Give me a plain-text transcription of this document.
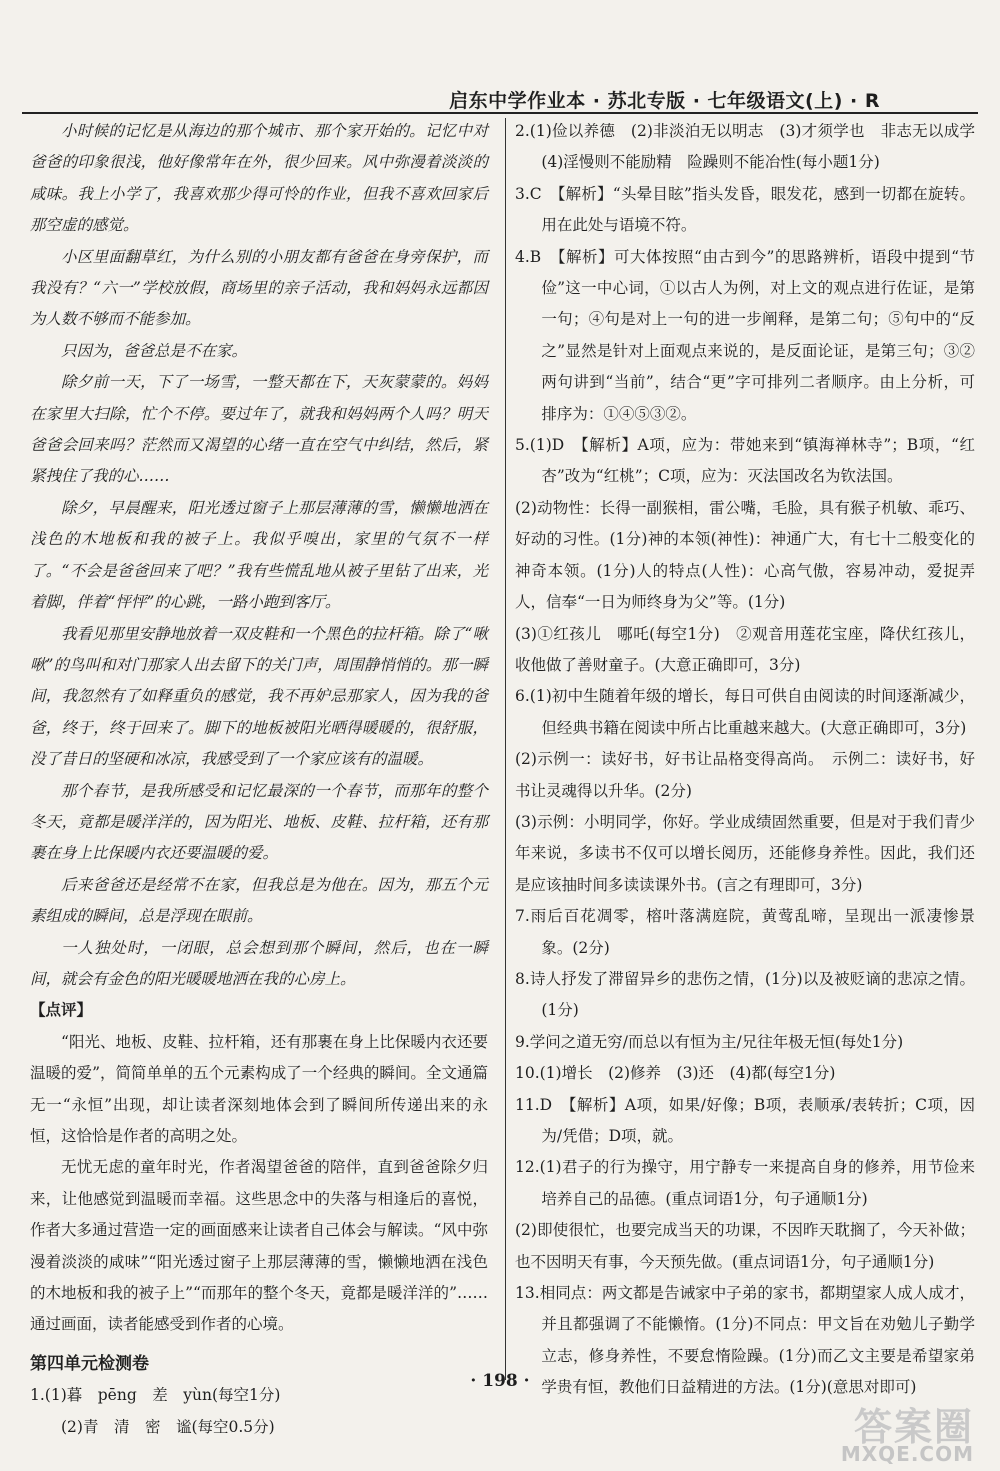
启东中学作业本 · 苏北专版 · 七年级语文(上) · R

小时候的记忆是从海边的那个城市、那个家开始的。记忆中对爸爸的印象很浅，他好像常年在外，很少回来。风中弥漫着淡淡的咸味。我上小学了，我喜欢那少得可怜的作业，但我不喜欢回家后那空虚的感觉。

小区里面翻草红，为什么别的小朋友都有爸爸在身旁保护，而我没有？“六一”学校放假，商场里的亲子活动，我和妈妈永远都因为人数不够而不能参加。

只因为，爸爸总是不在家。

除夕前一天，下了一场雪，一整天都在下，天灰蒙蒙的。妈妈在家里大扫除，忙个不停。要过年了，就我和妈妈两个人吗？明天爸爸会回来吗？茫然而又渴望的心绪一直在空气中纠结，然后，紧紧拽住了我的心……

除夕，早晨醒来，阳光透过窗子上那层薄薄的雪，懒懒地洒在浅色的木地板和我的被子上。我似乎嗅出，家里的气氛不一样了。“不会是爸爸回来了吧？”我有些慌乱地从被子里钻了出来，光着脚，伴着“怦怦”的心跳，一路小跑到客厅。

我看见那里安静地放着一双皮鞋和一个黑色的拉杆箱。除了“啾啾”的鸟叫和对门那家人出去留下的关门声，周围静悄悄的。那一瞬间，我忽然有了如释重负的感觉，我不再妒忌那家人，因为我的爸爸，终于，终于回来了。脚下的地板被阳光晒得暖暖的，很舒服，没了昔日的坚硬和冰凉，我感受到了一个家应该有的温暖。

那个春节，是我所感受和记忆最深的一个春节，而那年的整个冬天，竟都是暖洋洋的，因为阳光、地板、皮鞋、拉杆箱，还有那裹在身上比保暖内衣还要温暖的爱。

后来爸爸还是经常不在家，但我总是为他在。因为，那五个元素组成的瞬间，总是浮现在眼前。

一人独处时，一闭眼，总会想到那个瞬间，然后，也在一瞬间，就会有金色的阳光暖暖地洒在我的心房上。

【点评】

“阳光、地板、皮鞋、拉杆箱，还有那裹在身上比保暖内衣还要温暖的爱”，简简单单的五个元素构成了一个经典的瞬间。全文通篇无一“永恒”出现，却让读者深刻地体会到了瞬间所传递出来的永恒，这恰恰是作者的高明之处。

无忧无虑的童年时光，作者渴望爸爸的陪伴，直到爸爸除夕归来，让他感觉到温暖而幸福。这些思念中的失落与相逢后的喜悦，作者大多通过营造一定的画面感来让读者自己体会与解读。“风中弥漫着淡淡的咸味”“阳光透过窗子上那层薄薄的雪，懒懒地洒在浅色的木地板和我的被子上”“而那年的整个冬天，竟都是暖洋洋的”……通过画面，读者能感受到作者的心境。

第四单元检测卷

1.(1)暮　pēng　差　yùn(每空1分)

(2)青　清　密　谧(每空0.5分)

2.(1)俭以养德　(2)非淡泊无以明志　(3)才须学也　非志无以成学　(4)淫慢则不能励精　险躁则不能冶性(每小题1分)

3.C　【解析】“头晕目眩”指头发昏，眼发花，感到一切都在旋转。用在此处与语境不符。

4.B　【解析】可大体按照“由古到今”的思路辨析，语段中提到“节俭”这一中心词，①以古人为例，对上文的观点进行佐证，是第一句；④句是对上一句的进一步阐释，是第二句；⑤句中的“反之”显然是针对上面观点来说的，是反面论证，是第三句；③②两句讲到“当前”，结合“更”字可排列二者顺序。由上分析，可排序为：①④⑤③②。

5.(1)D　【解析】A项，应为：带她来到“镇海禅林寺”；B项，“红杏”改为“红桃”；C项，应为：灭法国改名为钦法国。

(2)动物性：长得一副猴相，雷公嘴，毛脸，具有猴子机敏、乖巧、好动的习性。(1分)神的本领(神性)：神通广大，有七十二般变化的神奇本领。(1分)人的特点(人性)：心高气傲，容易冲动，爱捉弄人，信奉“一日为师终身为父”等。(1分)

(3)①红孩儿　哪吒(每空1分)　②观音用莲花宝座，降伏红孩儿，收他做了善财童子。(大意正确即可，3分)

6.(1)初中生随着年级的增长，每日可供自由阅读的时间逐渐减少，但经典书籍在阅读中所占比重越来越大。(大意正确即可，3分)

(2)示例一：读好书，好书让品格变得高尚。　示例二：读好书，好书让灵魂得以升华。(2分)

(3)示例：小明同学，你好。学业成绩固然重要，但是对于我们青少年来说，多读书不仅可以增长阅历，还能修身养性。因此，我们还是应该抽时间多读读课外书。(言之有理即可，3分)

7.雨后百花凋零，榕叶落满庭院，黄莺乱啼，呈现出一派凄惨景象。(2分)

8.诗人抒发了滞留异乡的悲伤之情，(1分)以及被贬谪的悲凉之情。(1分)

9.学问之道无穷/而总以有恒为主/兄往年极无恒(每处1分)

10.(1)增长　(2)修养　(3)还　(4)都(每空1分)

11.D　【解析】A项，如果/好像；B项，表顺承/表转折；C项，因为/凭借；D项，就。

12.(1)君子的行为操守，用宁静专一来提高自身的修养，用节俭来培养自己的品德。(重点词语1分，句子通顺1分)

(2)即使很忙，也要完成当天的功课，不因昨天耽搁了，今天补做；也不因明天有事，今天预先做。(重点词语1分，句子通顺1分)

13.相同点：两文都是告诫家中子弟的家书，都期望家人成人成才，并且都强调了不能懒惰。(1分)不同点：甲文旨在劝勉儿子勤学立志，修身养性，不要怠惰险躁。(1分)而乙文主要是希望家弟学贵有恒，教他们日益精进的方法。(1分)(意思对即可)

· 198 ·
答案圈
MXQE.COM
